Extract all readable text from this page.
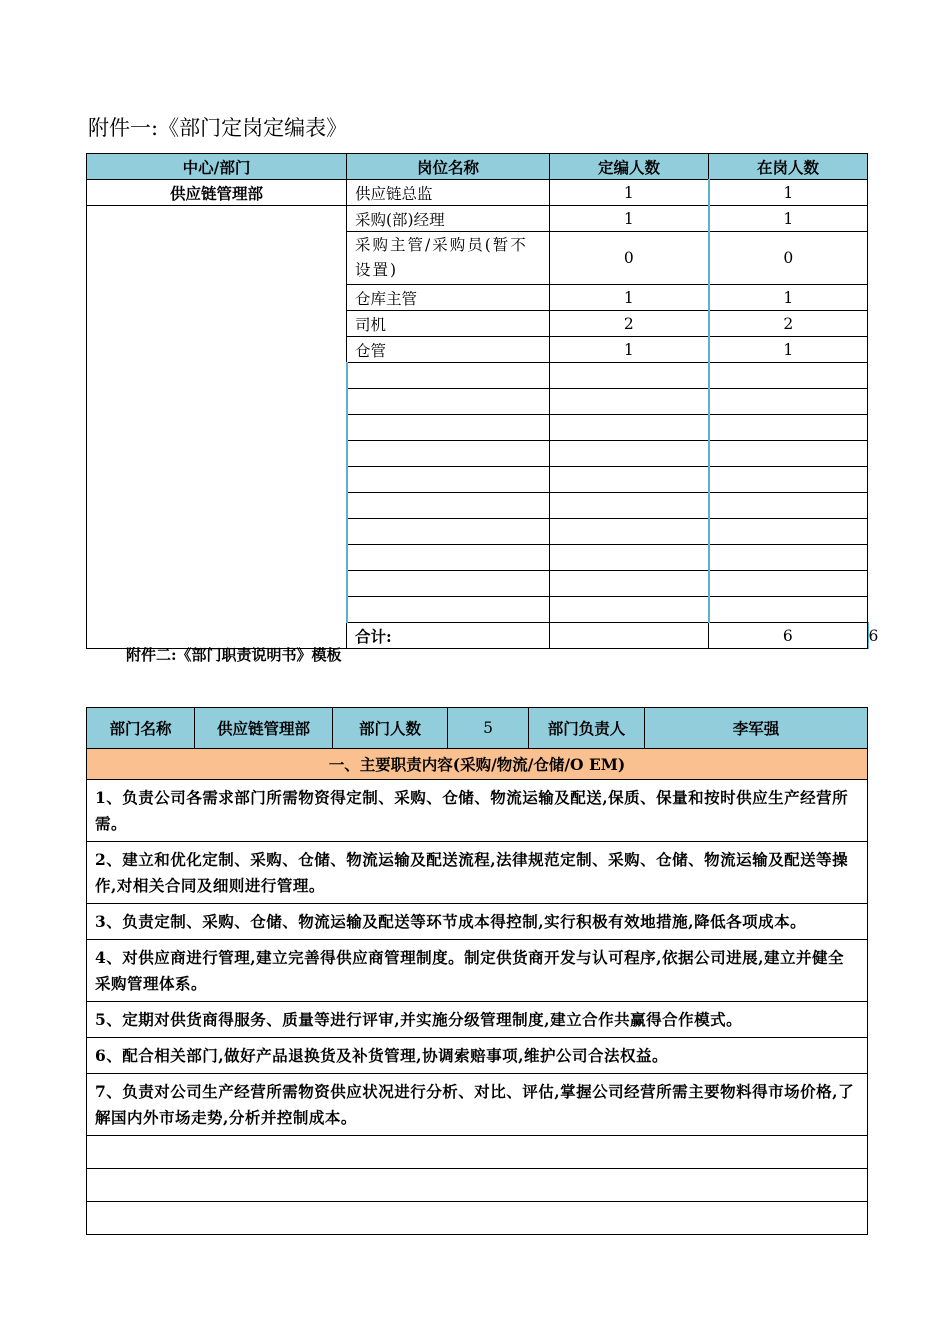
附件一:《部门定岗定编表》
中心/部门	岗位名称	定编人数	在岗人数	
供应链管理部	供应链总监	1	1	
	采购(部)经理	1	1	

	采购主管/采购员(暂不设置)	0	0	
	仓库主管	1	1	
	司机	2	2	
	仓管	1	1	

	合计:		6	6
附件二:《部门职责说明书》模板
部门名称	供应链管理部	部门人数	5	部门负责人	李军强
一、主要职责内容(采购/物流/仓储/O EM)
1、负责公司各需求部门所需物资得定制、采购、仓储、物流运输及配送,保质、保量和按时供应生产经营所需。
2、建立和优化定制、采购、仓储、物流运输及配送流程,法律规范定制、采购、仓储、物流运输及配送等操作,对相关合同及细则进行管理。
3、负责定制、采购、仓储、物流运输及配送等环节成本得控制,实行积极有效地措施,降低各项成本。
4、对供应商进行管理,建立完善得供应商管理制度。制定供货商开发与认可程序,依据公司进展,建立并健全采购管理体系。
5、定期对供货商得服务、质量等进行评审,并实施分级管理制度,建立合作共赢得合作模式。
6、配合相关部门,做好产品退换货及补货管理,协调索赔事项,维护公司合法权益。
7、负责对公司生产经营所需物资供应状况进行分析、对比、评估,掌握公司经营所需主要物料得市场价格,了解国内外市场走势,分析并控制成本。
